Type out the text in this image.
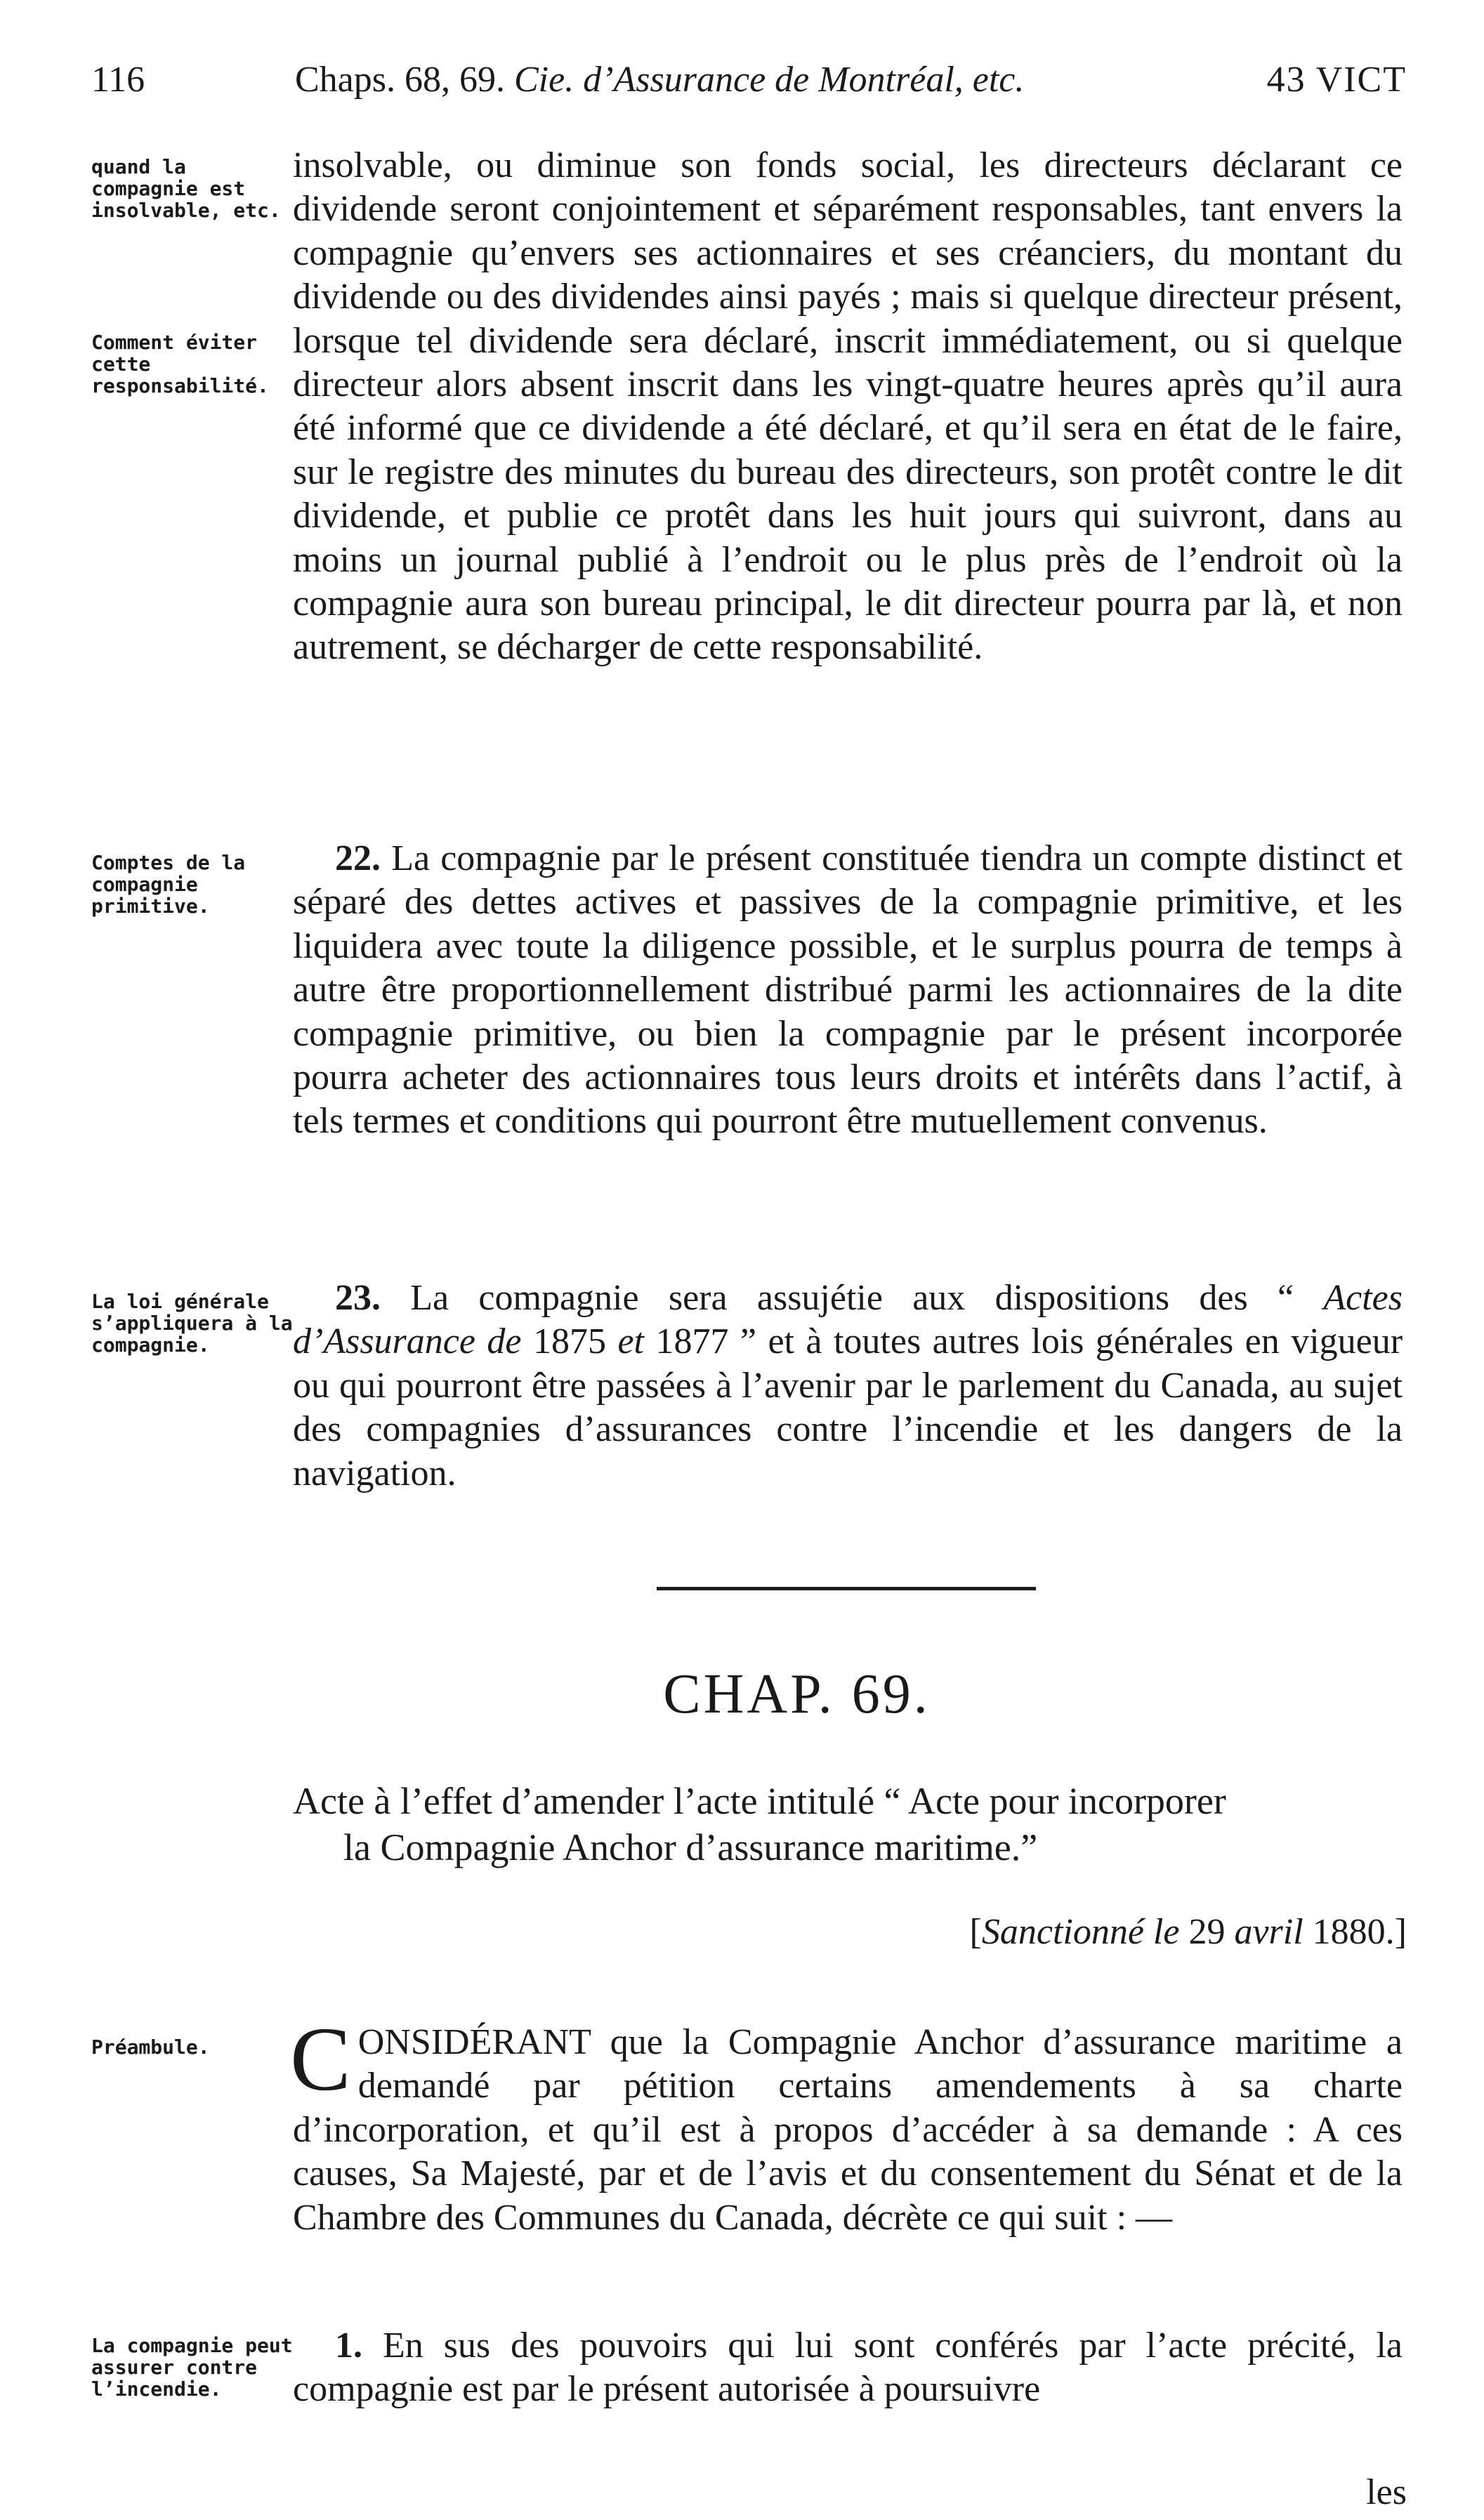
116	Chaps. 68, 69. Cie. d’Assurance de Montréal, etc.	43 VICT
quand la compagnie est insolvable, etc.
Comment éviter cette responsabilité.
Comptes de la compagnie primitive.
La loi générale s’appliquera à la compagnie.
Préambule.
La compagnie peut assurer contre l’incendie.
insolvable, ou diminue son fonds social, les directeurs déclarant ce dividende seront conjointement et séparément responsables, tant envers la compagnie qu’envers ses actionnaires et ses créanciers, du montant du dividende ou des dividendes ainsi payés ; mais si quelque directeur présent, lorsque tel dividende sera déclaré, inscrit immédiatement, ou si quelque directeur alors absent inscrit dans les vingt-quatre heures après qu’il aura été informé que ce dividende a été déclaré, et qu’il sera en état de le faire, sur le registre des minutes du bureau des directeurs, son protêt contre le dit dividende, et publie ce protêt dans les huit jours qui suivront, dans au moins un journal publié à l’endroit ou le plus près de l’endroit où la compagnie aura son bureau principal, le dit directeur pourra par là, et non autrement, se décharger de cette responsabilité.
22. La compagnie par le présent constituée tiendra un compte distinct et séparé des dettes actives et passives de la compagnie primitive, et les liquidera avec toute la diligence possible, et le surplus pourra de temps à autre être proportionnellement distribué parmi les actionnaires de la dite compagnie primitive, ou bien la compagnie par le présent incorporée pourra acheter des actionnaires tous leurs droits et intérêts dans l’actif, à tels termes et conditions qui pourront être mutuellement convenus.
23. La compagnie sera assujétie aux dispositions des “ Actes d’Assurance de 1875 et 1877 ” et à toutes autres lois générales en vigueur ou qui pourront être passées à l’avenir par le parlement du Canada, au sujet des compagnies d’assurances contre l’incendie et les dangers de la navigation.
CHAP. 69.
Acte à l’effet d’amender l’acte intitulé “ Acte pour incorporer
la Compagnie Anchor d’assurance maritime.”
[Sanctionné le 29 avril 1880.]
CONSIDÉRANT que la Compagnie Anchor d’assurance maritime a demandé par pétition certains amendements à sa charte d’incorporation, et qu’il est à propos d’accéder à sa demande : A ces causes, Sa Majesté, par et de l’avis et du consentement du Sénat et de la Chambre des Communes du Canada, décrète ce qui suit : —
1. En sus des pouvoirs qui lui sont conférés par l’acte précité, la compagnie est par le présent autorisée à poursuivre
les
